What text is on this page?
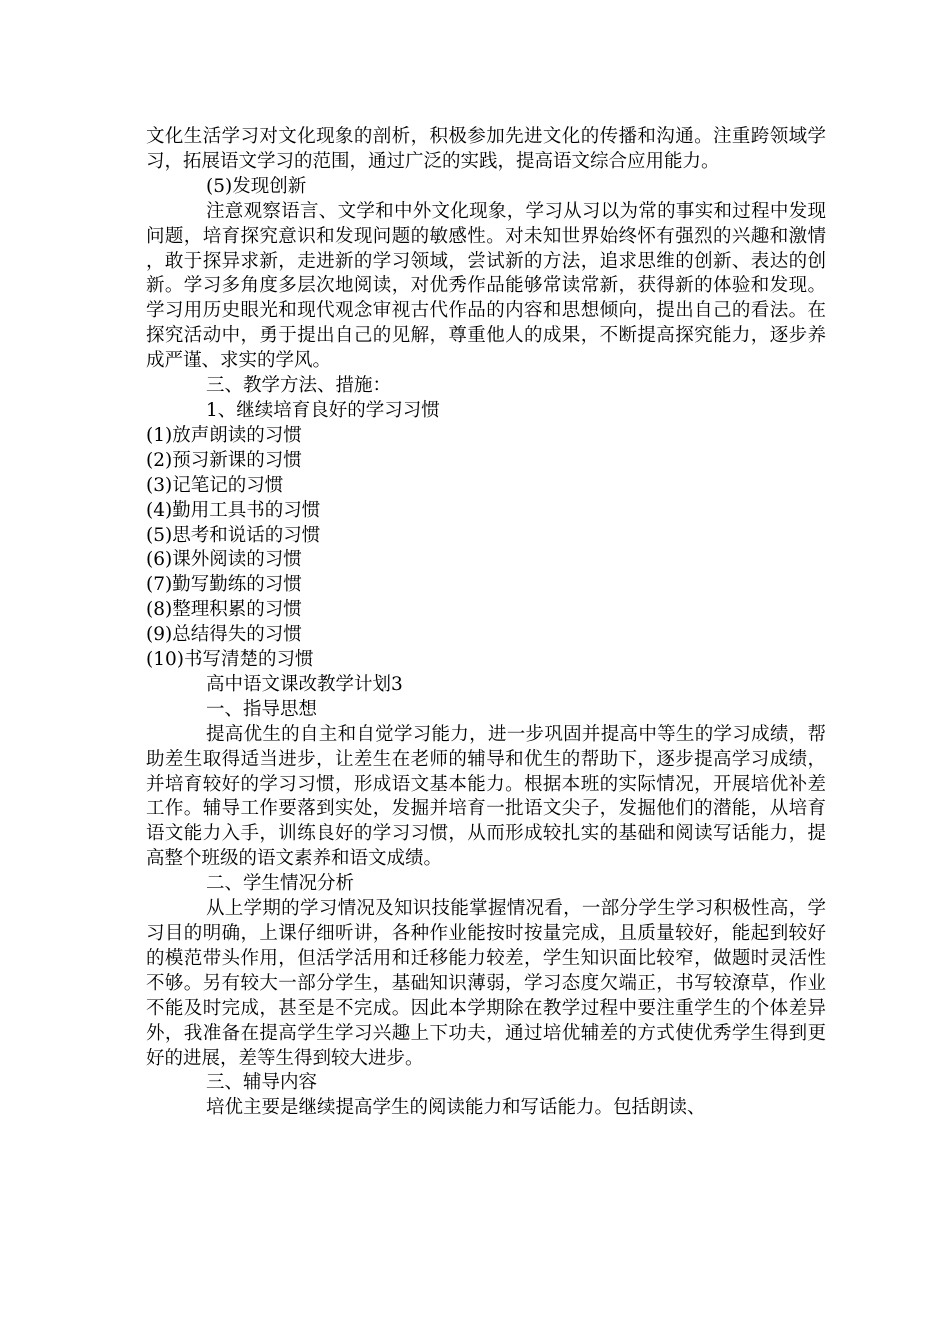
文化生活学习对文化现象的剖析，积极参加先进文化的传播和沟通。注重跨领域学习，拓展语文学习的范围，通过广泛的实践，提高语文综合应用能力。

(5)发现创新

注意观察语言、文学和中外文化现象，学习从习以为常的事实和过程中发现问题，培育探究意识和发现问题的敏感性。对未知世界始终怀有强烈的兴趣和激情，敢于探异求新，走进新的学习领域，尝试新的方法，追求思维的创新、表达的创新。学习多角度多层次地阅读，对优秀作品能够常读常新，获得新的体验和发现。学习用历史眼光和现代观念审视古代作品的内容和思想倾向，提出自己的看法。在探究活动中，勇于提出自己的见解，尊重他人的成果，不断提高探究能力，逐步养成严谨、求实的学风。

三、教学方法、措施：

1、继续培育良好的学习习惯

(1)放声朗读的习惯

(2)预习新课的习惯

(3)记笔记的习惯

(4)勤用工具书的习惯

(5)思考和说话的习惯

(6)课外阅读的习惯

(7)勤写勤练的习惯

(8)整理积累的习惯

(9)总结得失的习惯

(10)书写清楚的习惯

高中语文课改教学计划3

一、指导思想

提高优生的自主和自觉学习能力，进一步巩固并提高中等生的学习成绩，帮助差生取得适当进步，让差生在老师的辅导和优生的帮助下，逐步提高学习成绩，并培育较好的学习习惯，形成语文基本能力。根据本班的实际情况，开展培优补差工作。辅导工作要落到实处，发掘并培育一批语文尖子，发掘他们的潜能，从培育语文能力入手，训练良好的学习习惯，从而形成较扎实的基础和阅读写话能力，提高整个班级的语文素养和语文成绩。

二、学生情况分析

从上学期的学习情况及知识技能掌握情况看，一部分学生学习积极性高，学习目的明确，上课仔细听讲，各种作业能按时按量完成，且质量较好，能起到较好的模范带头作用，但活学活用和迁移能力较差，学生知识面比较窄，做题时灵活性不够。另有较大一部分学生，基础知识薄弱，学习态度欠端正，书写较潦草，作业不能及时完成，甚至是不完成。因此本学期除在教学过程中要注重学生的个体差异外，我准备在提高学生学习兴趣上下功夫，通过培优辅差的方式使优秀学生得到更好的进展，差等生得到较大进步。

三、辅导内容

培优主要是继续提高学生的阅读能力和写话能力。包括朗读、
